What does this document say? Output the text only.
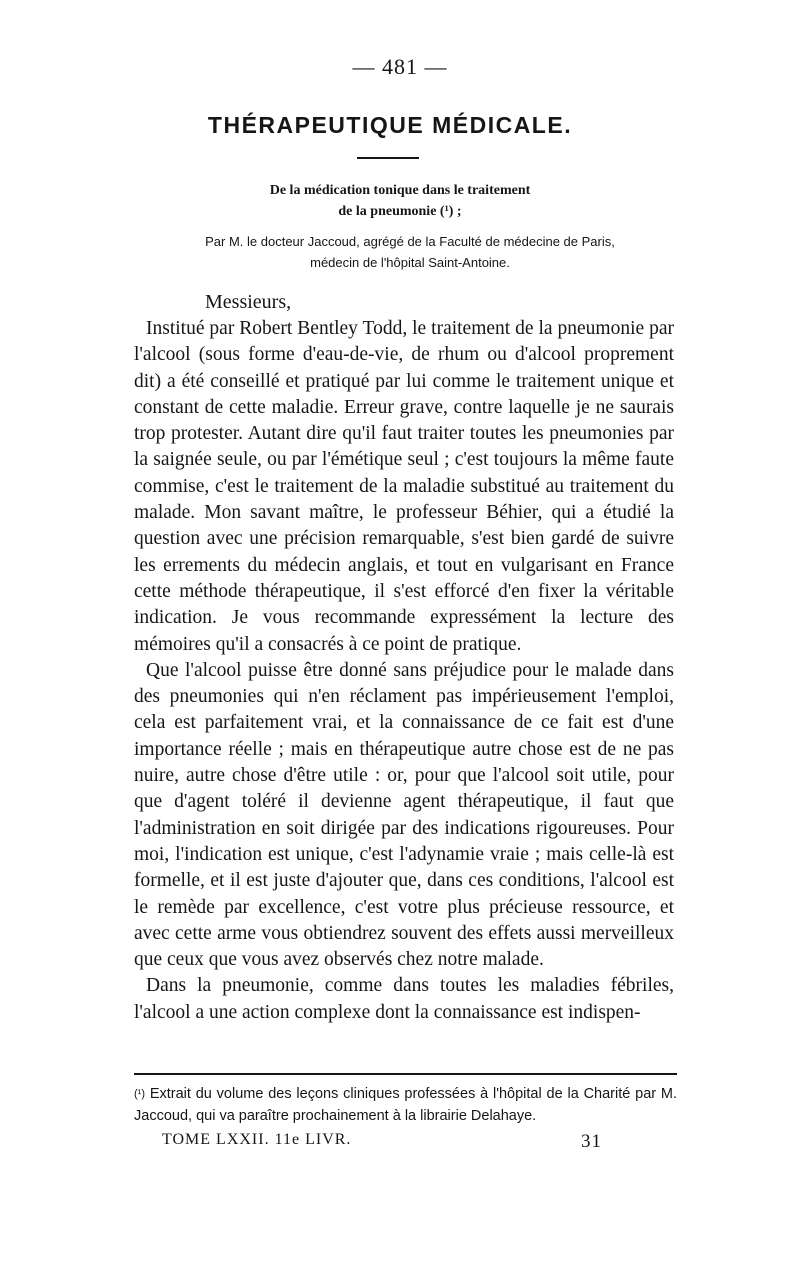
— 481 —
THÉRAPEUTIQUE MÉDICALE.
De la médication tonique dans le traitement
de la pneumonie (¹) ;
Par M. le docteur Jaccoud, agrégé de la Faculté de médecine de Paris,
médecin de l'hôpital Saint-Antoine.
Messieurs,

Institué par Robert Bentley Todd, le traitement de la pneumonie par l'alcool (sous forme d'eau-de-vie, de rhum ou d'alcool proprement dit) a été conseillé et pratiqué par lui comme le traitement unique et constant de cette maladie. Erreur grave, contre laquelle je ne saurais trop protester. Autant dire qu'il faut traiter toutes les pneumonies par la saignée seule, ou par l'émétique seul ; c'est toujours la même faute commise, c'est le traitement de la maladie substitué au traitement du malade. Mon savant maître, le professeur Béhier, qui a étudié la question avec une précision remarquable, s'est bien gardé de suivre les errements du médecin anglais, et tout en vulgarisant en France cette méthode thérapeutique, il s'est efforcé d'en fixer la véritable indication. Je vous recommande expressément la lecture des mémoires qu'il a consacrés à ce point de pratique.

Que l'alcool puisse être donné sans préjudice pour le malade dans des pneumonies qui n'en réclament pas impérieusement l'emploi, cela est parfaitement vrai, et la connaissance de ce fait est d'une importance réelle ; mais en thérapeutique autre chose est de ne pas nuire, autre chose d'être utile : or, pour que l'alcool soit utile, pour que d'agent toléré il devienne agent thérapeutique, il faut que l'administration en soit dirigée par des indications rigoureuses. Pour moi, l'indication est unique, c'est l'adynamie vraie ; mais celle-là est formelle, et il est juste d'ajouter que, dans ces conditions, l'alcool est le remède par excellence, c'est votre plus précieuse ressource, et avec cette arme vous obtiendrez souvent des effets aussi merveilleux que ceux que vous avez observés chez notre malade.

Dans la pneumonie, comme dans toutes les maladies fébriles, l'alcool a une action complexe dont la connaissance est indispen-

$^{(^1)}$ Extrait du volume des leçons cliniques professées à l'hôpital de la Charité par M. Jaccoud, qui va paraître prochainement à la librairie Delahaye.
TOME LXXII. 11e LIVR.	31
